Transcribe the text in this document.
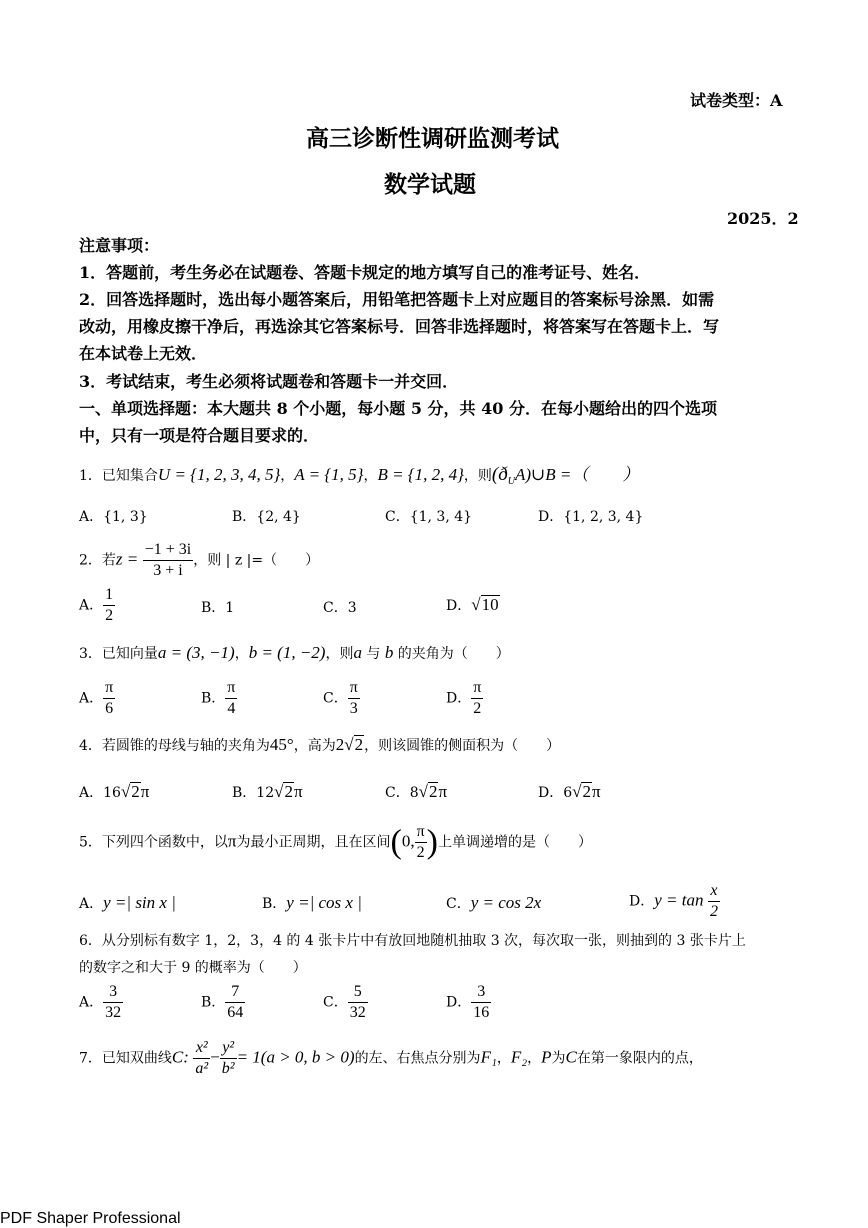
试卷类型：A
高三诊断性调研监测考试
数学试题
2025．2
注意事项：
1．答题前，考生务必在试题卷、答题卡规定的地方填写自己的准考证号、姓名．
2．回答选择题时，选出每小题答案后，用铅笔把答题卡上对应题目的答案标号涂黑．如需
改动，用橡皮擦干净后，再选涂其它答案标号．回答非选择题时，将答案写在答题卡上．写
在本试卷上无效．
3．考试结束，考生必须将试题卷和答题卡一并交回．
一、单项选择题：本大题共 8 个小题，每小题 5 分，共 40 分．在每小题给出的四个选项
中，只有一项是符合题目要求的．
1．已知集合U = {1, 2, 3, 4, 5}，A = {1, 5}，B = {1, 2, 4}，则$(ð_UA)\cup B$ =（　　）
A．{1, 3}	B．{2, 4}	C．{1, 3, 4}	D．{1, 2, 3, 4}
2．若$z = \frac{-1 + 3i}{3 + i}$ ，则 | z |=（　　）
A． $\frac{1}{2}$	B．1	C．3	D．√10
3．已知向量a = (3, −1)，b = (1, −2)，则a 与 b 的夹角为（　　）
A． $\frac{\pi}{6}$	B． $\frac{\pi}{4}$	C． $\frac{\pi}{3}$	D． $\frac{\pi}{2}$
4．若圆锥的母线与轴的夹角为45°，高为2√2，则该圆锥的侧面积为（　　）
A．16√2π	B．12√2π	C．8√2π	D．6√2π
5．下列四个函数中，以π为最小正周期，且在区间(0, $\frac{\pi}{2}$ )上单调递增的是（　　）
A．y =| sin x |	B．y =| cos x |	C．y = cos 2x	D．$y = \tan \frac{x}{2}$
6．从分别标有数字 1，2，3，4 的 4 张卡片中有放回地随机抽取 3 次，每次取一张，则抽到的 3 张卡片上
的数字之和大于 9 的概率为（　　）
A． $\frac{3}{32}$	B． $\frac{7}{64}$	C． $\frac{5}{32}$	D． $\frac{3}{16}$
7．已知双曲线C: $\frac{\text{x²}}{\text{a²}} - \frac{\text{y²}}{\text{b²}} = 1(a > 0$, b > 0)的左、右焦点分别为F₁，F₂，P为C在第一象限内的点，
PDF Shaper Professional
